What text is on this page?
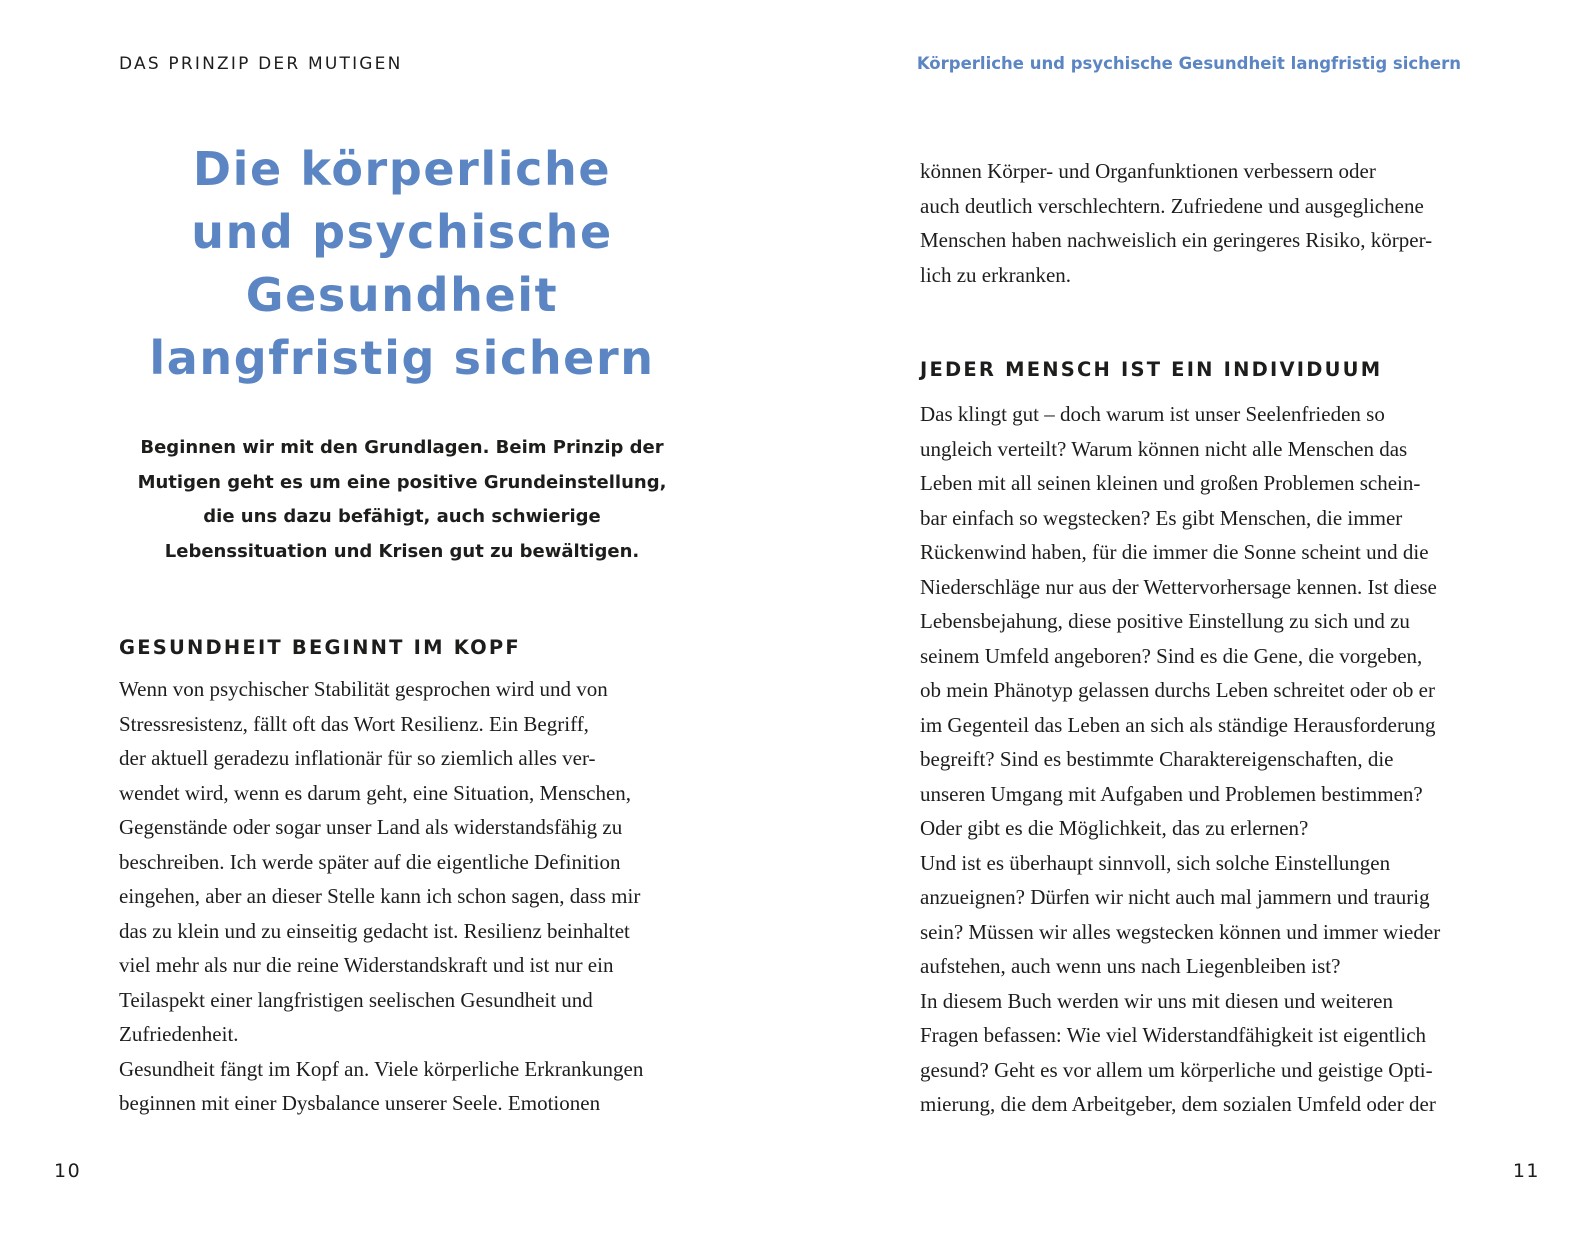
DAS PRINZIP DER MUTIGEN
Die körperliche
und psychische
Gesundheit
langfristig sichern

Beginnen wir mit den Grundlagen. Beim Prinzip der
Mutigen geht es um eine positive Grundeinstellung,
die uns dazu befähigt, auch schwierige
Lebenssituation und Krisen gut zu bewältigen.

GESUNDHEIT BEGINNT IM KOPF

Wenn von psychischer Stabilität gesprochen wird und von
Stressresistenz, fällt oft das Wort Resilienz. Ein Begriff,
der aktuell geradezu inflationär für so ziemlich alles ver-
wendet wird, wenn es darum geht, eine Situation, Menschen,
Gegenstände oder sogar unser Land als widerstandsfähig zu
beschreiben. Ich werde später auf die eigentliche Definition
eingehen, aber an dieser Stelle kann ich schon sagen, dass mir
das zu klein und zu einseitig gedacht ist. Resilienz beinhaltet
viel mehr als nur die reine Widerstandskraft und ist nur ein
Teilaspekt einer langfristigen seelischen Gesundheit und
Zufriedenheit.
Gesundheit fängt im Kopf an. Viele körperliche Erkrankungen
beginnen mit einer Dysbalance unserer Seele. Emotionen

10
Körperliche und psychische Gesundheit langfristig sichern

können Körper- und Organfunktionen verbessern oder
auch deutlich verschlechtern. Zufriedene und ausgeglichene
Menschen haben nachweislich ein geringeres Risiko, körper-
lich zu erkranken.

JEDER MENSCH IST EIN INDIVIDUUM

Das klingt gut – doch warum ist unser Seelenfrieden so
ungleich verteilt? Warum können nicht alle Menschen das
Leben mit all seinen kleinen und großen Problemen schein-
bar einfach so wegstecken? Es gibt Menschen, die immer
Rückenwind haben, für die immer die Sonne scheint und die
Niederschläge nur aus der Wettervorhersage kennen. Ist diese
Lebensbejahung, diese positive Einstellung zu sich und zu
seinem Umfeld angeboren? Sind es die Gene, die vorgeben,
ob mein Phänotyp gelassen durchs Leben schreitet oder ob er
im Gegenteil das Leben an sich als ständige Herausforderung
begreift? Sind es bestimmte Charaktereigenschaften, die
unseren Umgang mit Aufgaben und Problemen bestimmen?
Oder gibt es die Möglichkeit, das zu erlernen?
Und ist es überhaupt sinnvoll, sich solche Einstellungen
anzueignen? Dürfen wir nicht auch mal jammern und traurig
sein? Müssen wir alles wegstecken können und immer wieder
aufstehen, auch wenn uns nach Liegenbleiben ist?
In diesem Buch werden wir uns mit diesen und weiteren
Fragen befassen: Wie viel Widerstandfähigkeit ist eigentlich
gesund? Geht es vor allem um körperliche und geistige Opti-
mierung, die dem Arbeitgeber, dem sozialen Umfeld oder der

11
